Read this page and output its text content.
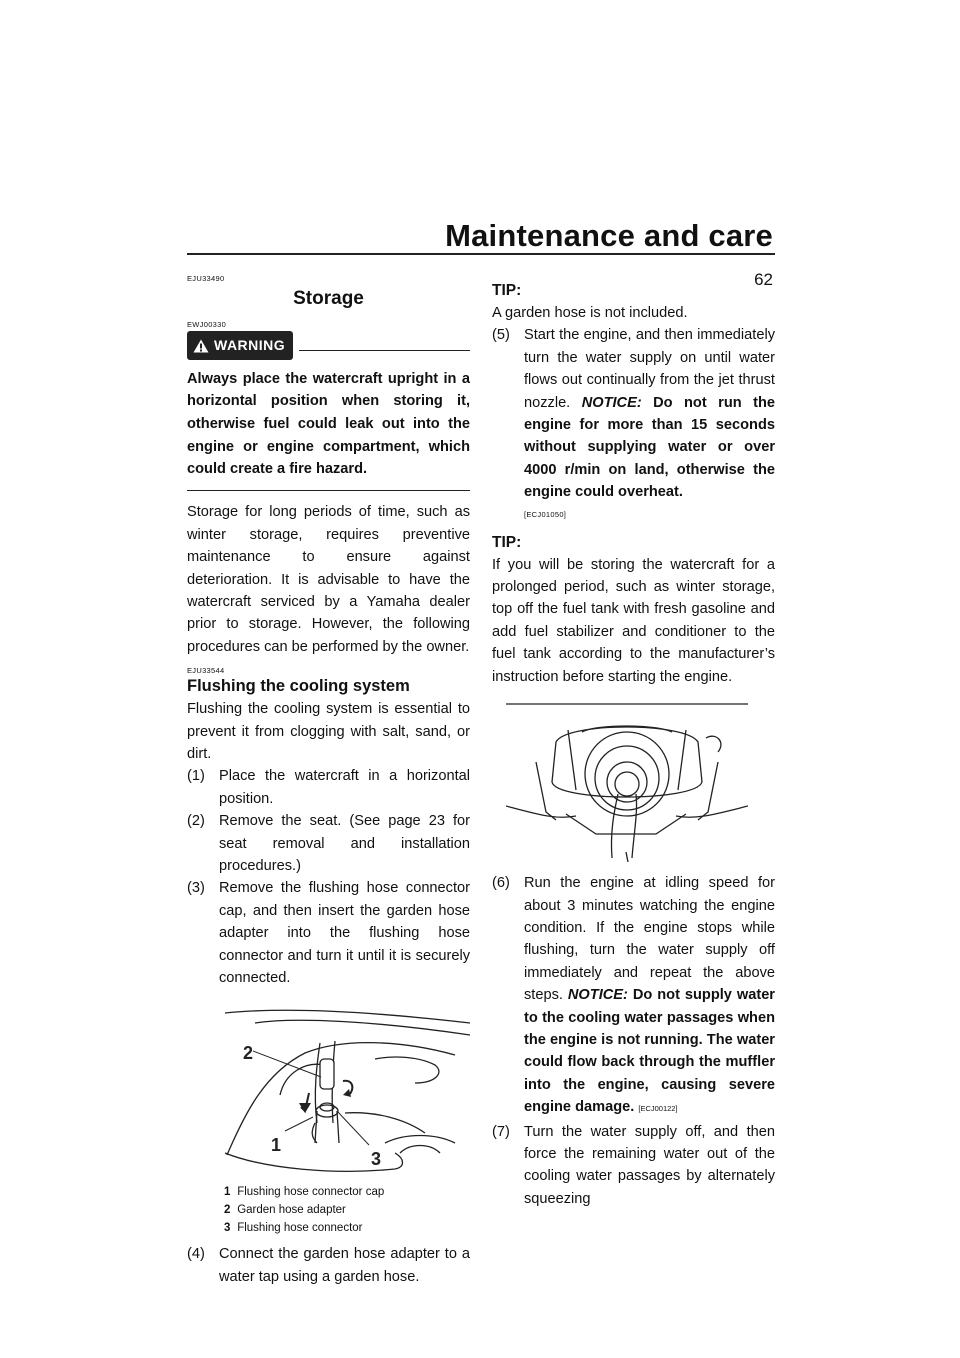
Maintenance and care
62
EJU33490
Storage
EWJ00330
WARNING
Always place the watercraft upright in a horizontal position when storing it, otherwise fuel could leak out into the engine or engine compartment, which could create a fire hazard.

Storage for long periods of time, such as winter storage, requires preventive maintenance to ensure against deterioration. It is advisable to have the watercraft serviced by a Yamaha dealer prior to storage. However, the following procedures can be performed by the owner.

EJU33544
Flushing the cooling system

Flushing the cooling system is essential to prevent it from clogging with salt, sand, or dirt.

(1) Place the watercraft in a horizontal position.
(2) Remove the seat. (See page 23 for seat removal and installation procedures.)
(3) Remove the flushing hose connector cap, and then insert the garden hose adapter into the flushing hose connector and turn it until it is securely connected.
2
1
3
1 Flushing hose connector cap
2 Garden hose adapter
3 Flushing hose connector
(4) Connect the garden hose adapter to a water tap using a garden hose.
TIP:

A garden hose is not included.

(5) Start the engine, and then immediately turn the water supply on until water flows out continually from the jet thrust nozzle. NOTICE: Do not run the engine for more than 15 seconds without supplying water or over 4000 r/min on land, otherwise the engine could overheat.
[ECJ01050]
TIP:

If you will be storing the watercraft for a prolonged period, such as winter storage, top off the fuel tank with fresh gasoline and add fuel stabilizer and conditioner to the fuel tank according to the manufacturer’s instruction before starting the engine.

(6) Run the engine at idling speed for about 3 minutes watching the engine condition. If the engine stops while flushing, turn the water supply off immediately and repeat the above steps. NOTICE: Do not supply water to the cooling water passages when the engine is not running. The water could flow back through the muffler into the engine, causing severe engine damage. [ECJ00122]
(7) Turn the water supply off, and then force the remaining water out of the cooling water passages by alternately squeezing
